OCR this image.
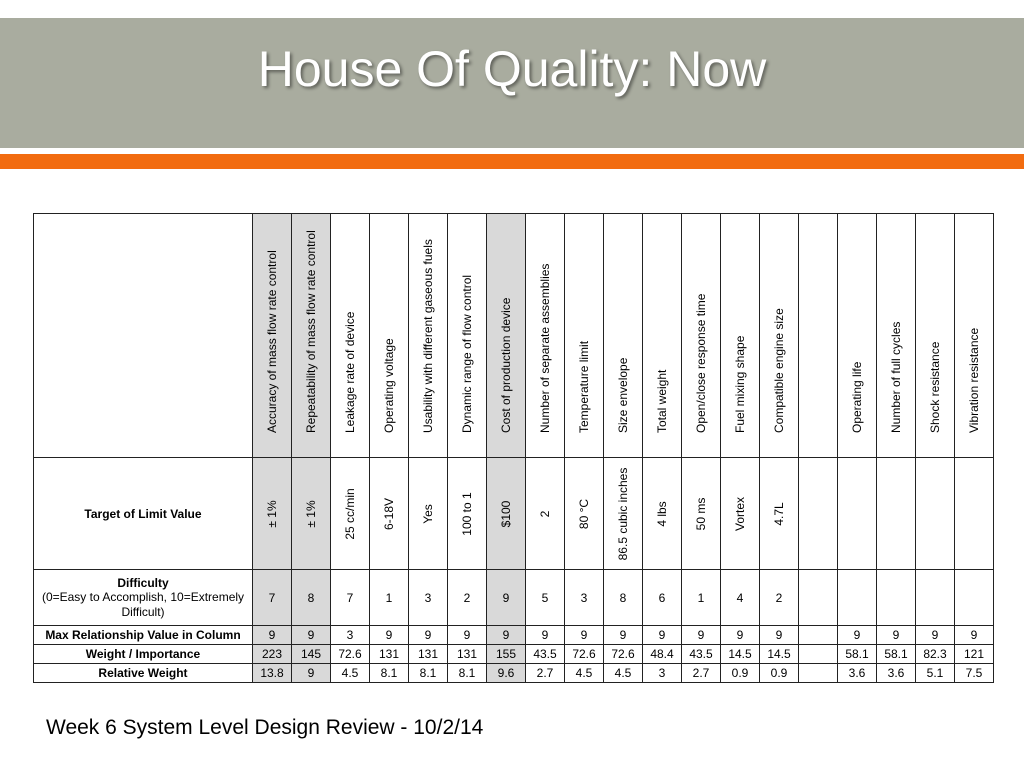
House Of Quality: Now

	Accuracy of mass flow rate control	Repeatability of mass flow rate control	Leakage rate of device	Operating voltage	Usability with different gaseous fuels	Dynamic range of flow control	Cost of production device	Number of separate assemblies	Temperature limit	Size envelope	Total weight	Open/close response time	Fuel mixing shape	Compatible engine size		Operating life	Number of full cycles	Shock resistance	Vibration resistance

Target of Limit Value	± 1%	± 1%	25 cc/min	6-18V	Yes	100 to 1	$100	2	80 °C	86.5 cubic inches	4 lbs	50 ms	Vortex	4.7L					

Difficulty
(0=Easy to Accomplish, 10=Extremely Difficult)	7	8	7	1	3	2	9	5	3	8	6	1	4	2					
Max Relationship Value in Column	9	9	3	9	9	9	9	9	9	9	9	9	9	9		9	9	9	9
Weight / Importance	223	145	72.6	131	131	131	155	43.5	72.6	72.6	48.4	43.5	14.5	14.5		58.1	58.1	82.3	121
Relative Weight	13.8	9	4.5	8.1	8.1	8.1	9.6	2.7	4.5	4.5	3	2.7	0.9	0.9		3.6	3.6	5.1	7.5
Week 6 System Level Design Review - 10/2/14
